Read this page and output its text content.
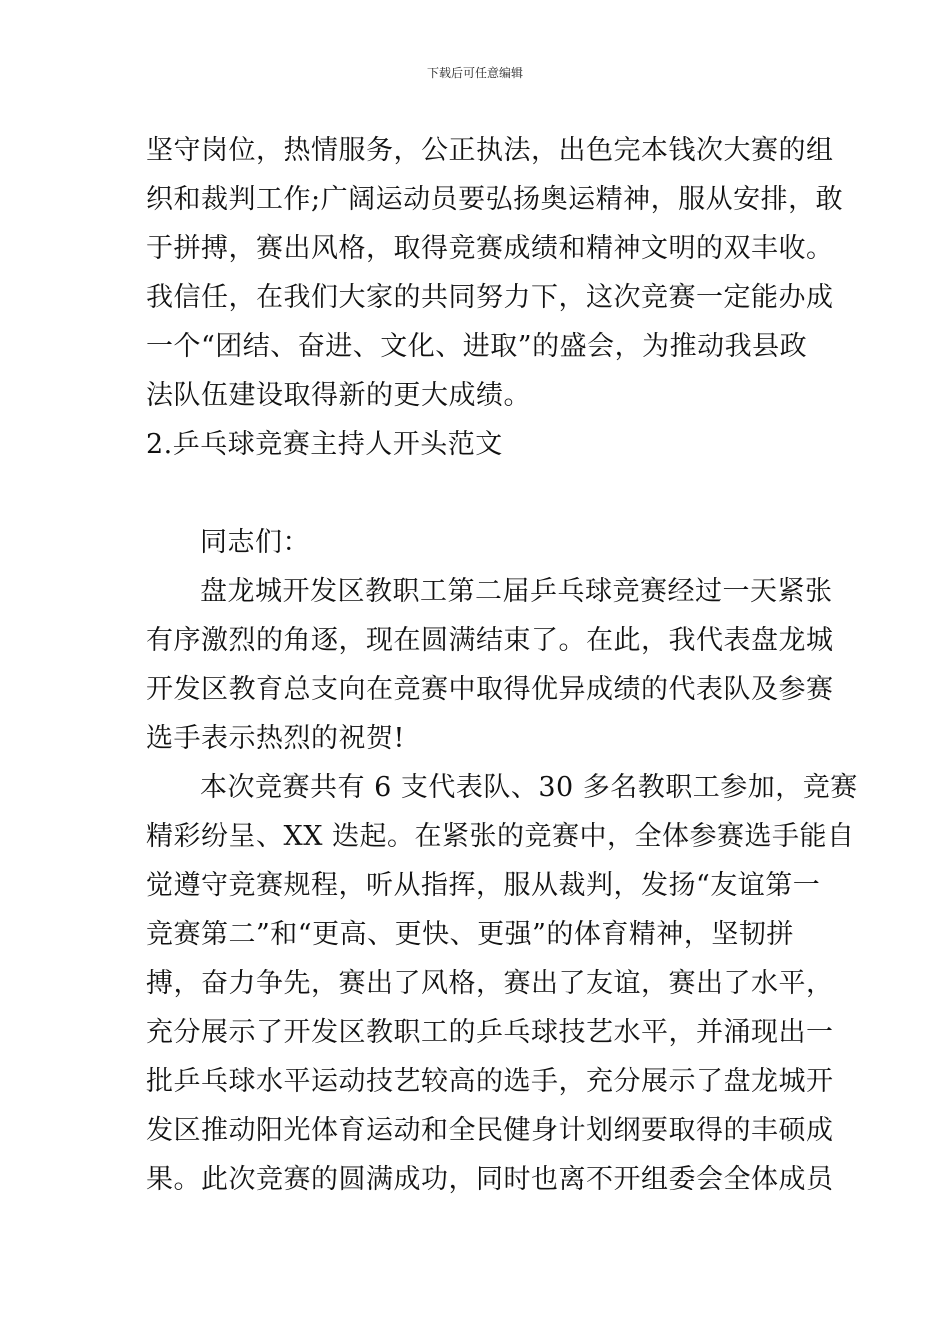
下载后可任意编辑
坚守岗位，热情服务，公正执法，出色完本钱次大赛的组
织和裁判工作;广阔运动员要弘扬奥运精神，服从安排，敢
于拼搏，赛出风格，取得竞赛成绩和精神文明的双丰收。
我信任，在我们大家的共同努力下，这次竞赛一定能办成
一个“团结、奋进、文化、进取”的盛会，为推动我县政
法队伍建设取得新的更大成绩。
2.乒乓球竞赛主持人开头范文
同志们：
盘龙城开发区教职工第二届乒乓球竞赛经过一天紧张
有序激烈的角逐，现在圆满结束了。在此，我代表盘龙城
开发区教育总支向在竞赛中取得优异成绩的代表队及参赛
选手表示热烈的祝贺!
本次竞赛共有 6 支代表队、30 多名教职工参加，竞赛
精彩纷呈、XX 迭起。在紧张的竞赛中，全体参赛选手能自
觉遵守竞赛规程，听从指挥，服从裁判，发扬“友谊第一
竞赛第二”和“更高、更快、更强”的体育精神，坚韧拼
搏，奋力争先，赛出了风格，赛出了友谊，赛出了水平，
充分展示了开发区教职工的乒乓球技艺水平，并涌现出一
批乒乓球水平运动技艺较高的选手，充分展示了盘龙城开
发区推动阳光体育运动和全民健身计划纲要取得的丰硕成
果。此次竞赛的圆满成功，同时也离不开组委会全体成员
